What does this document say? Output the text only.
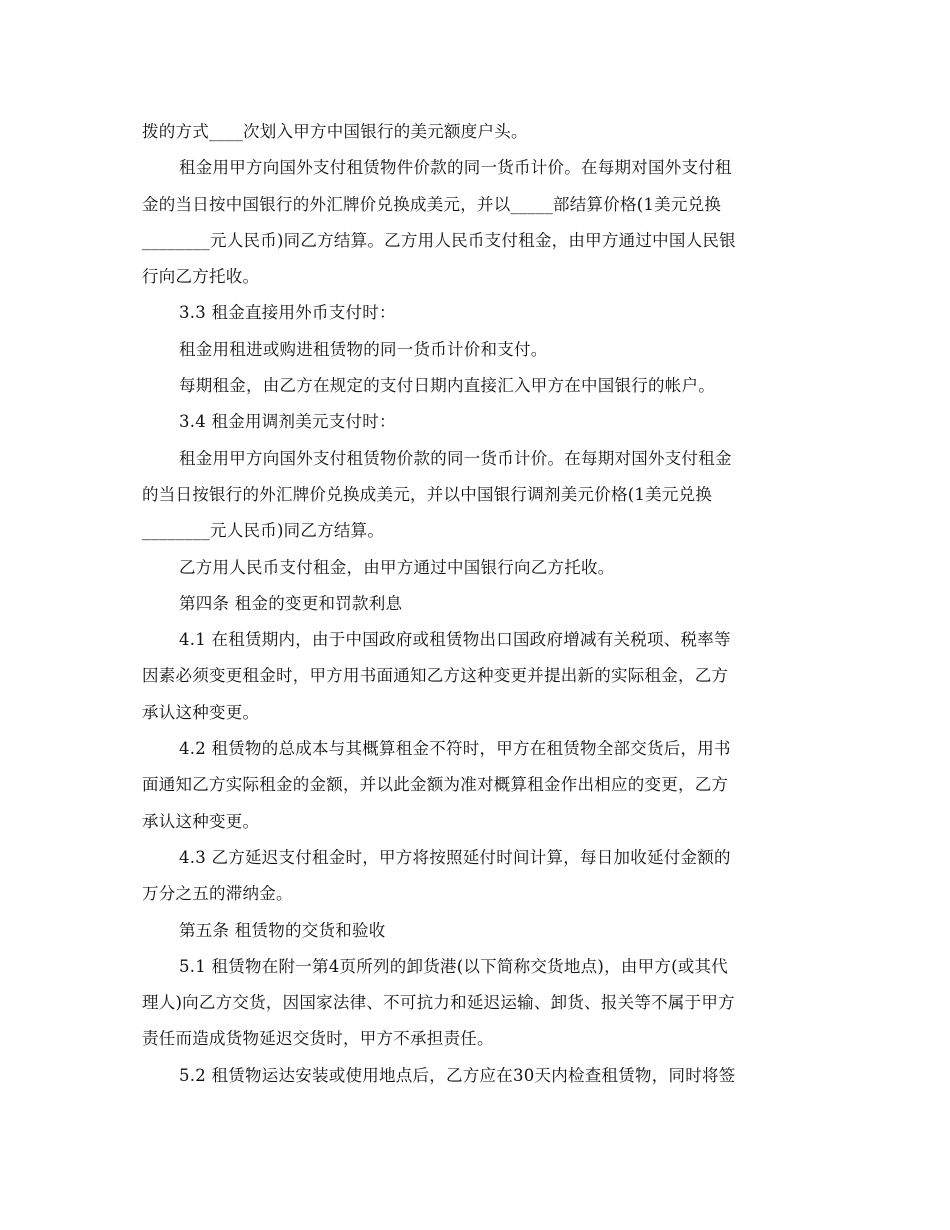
拨的方式____次划入甲方中国银行的美元额度户头。
租金用甲方向国外支付租赁物件价款的同一货币计价。在每期对国外支付租
金的当日按中国银行的外汇牌价兑换成美元，并以_____部结算价格(1美元兑换
________元人民币)同乙方结算。乙方用人民币支付租金，由甲方通过中国人民银
行向乙方托收。
3.3 租金直接用外币支付时：
租金用租进或购进租赁物的同一货币计价和支付。
每期租金，由乙方在规定的支付日期内直接汇入甲方在中国银行的帐户。
3.4 租金用调剂美元支付时：
租金用甲方向国外支付租赁物价款的同一货币计价。在每期对国外支付租金
的当日按银行的外汇牌价兑换成美元，并以中国银行调剂美元价格(1美元兑换
________元人民币)同乙方结算。
乙方用人民币支付租金，由甲方通过中国银行向乙方托收。
第四条 租金的变更和罚款利息
4.1 在租赁期内，由于中国政府或租赁物出口国政府增减有关税项、税率等
因素必须变更租金时，甲方用书面通知乙方这种变更并提出新的实际租金，乙方
承认这种变更。
4.2 租赁物的总成本与其概算租金不符时，甲方在租赁物全部交货后，用书
面通知乙方实际租金的金额，并以此金额为准对概算租金作出相应的变更，乙方
承认这种变更。
4.3 乙方延迟支付租金时，甲方将按照延付时间计算，每日加收延付金额的
万分之五的滞纳金。
第五条 租赁物的交货和验收
5.1 租赁物在附一第4页所列的卸货港(以下简称交货地点)，由甲方(或其代
理人)向乙方交货，因国家法律、不可抗力和延迟运输、卸货、报关等不属于甲方
责任而造成货物延迟交货时，甲方不承担责任。
5.2 租赁物运达安装或使用地点后，乙方应在30天内检查租赁物，同时将签
